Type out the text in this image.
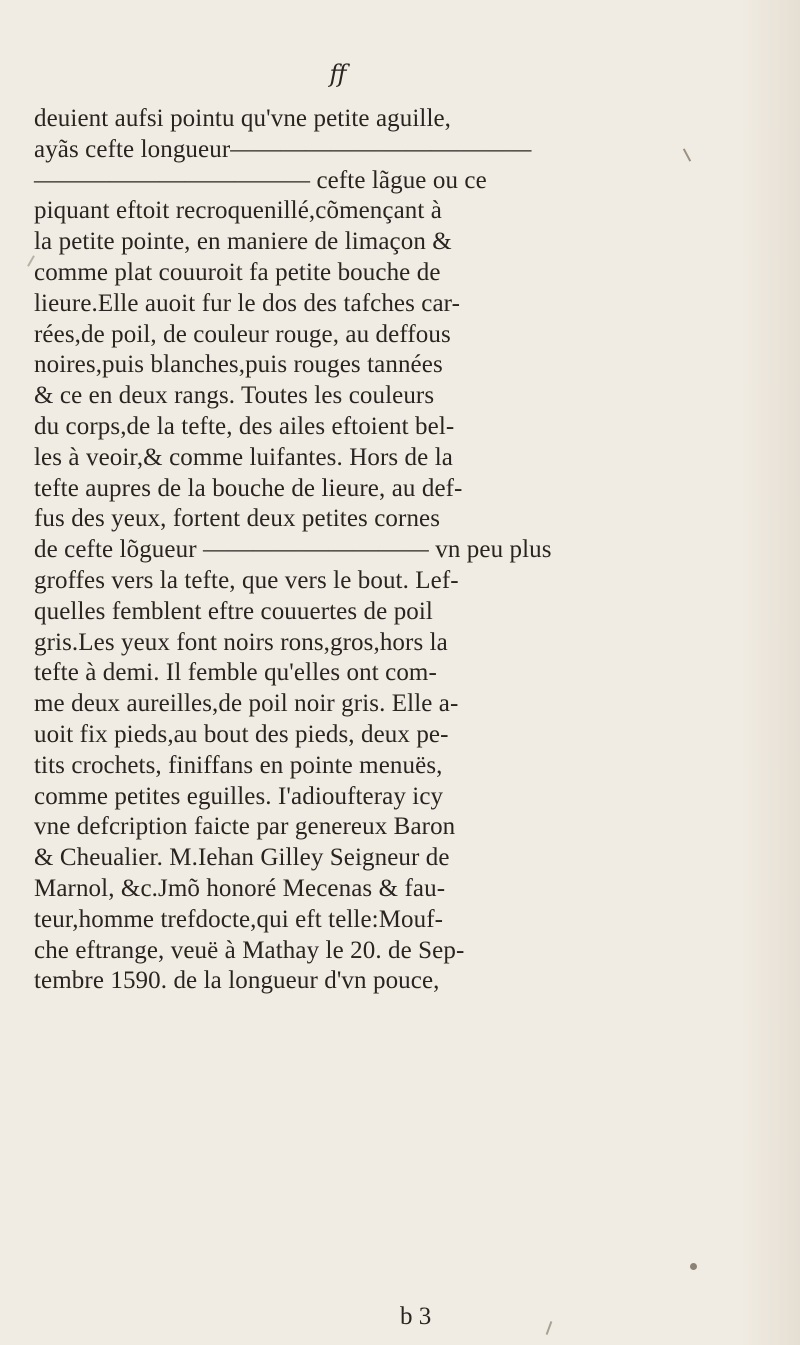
ff
deuient aufsi pointu qu'vne petite aguille,
ayãs cefte longueur————————————
——————————— cefte lãgue ou ce
piquant eftoit recroquenillé,cõmençant à
la petite pointe, en maniere de limaçon &
comme plat couuroit fa petite bouche de
lieure.Elle auoit fur le dos des tafches car-
rées,de poil, de couleur rouge, au deffous
noires,puis blanches,puis rouges tannées
& ce en deux rangs. Toutes les couleurs
du corps,de la tefte, des ailes eftoient bel-
les à veoir,& comme luifantes. Hors de la
tefte aupres de la bouche de lieure, au def-
fus des yeux, fortent deux petites cornes
de cefte lõgueur ————————— vn peu plus
groffes vers la tefte, que vers le bout. Lef-
quelles femblent eftre couuertes de poil
gris.Les yeux font noirs rons,gros,hors la
tefte à demi. Il femble qu'elles ont com-
me deux aureilles,de poil noir gris. Elle a-
uoit fix pieds,au bout des pieds, deux pe-
tits crochets, finiffans en pointe menuës,
comme petites eguilles. I'adioufteray icy
vne defcription faicte par genereux Baron
& Cheualier. M.Iehan Gilley Seigneur de
Marnol, &c.Jmõ honoré Mecenas & fau-
teur,homme trefdocte,qui eft telle:Mouf-
che eftrange, veuë à Mathay le 20. de Sep-
tembre 1590. de la longueur d'vn pouce,
b 3
